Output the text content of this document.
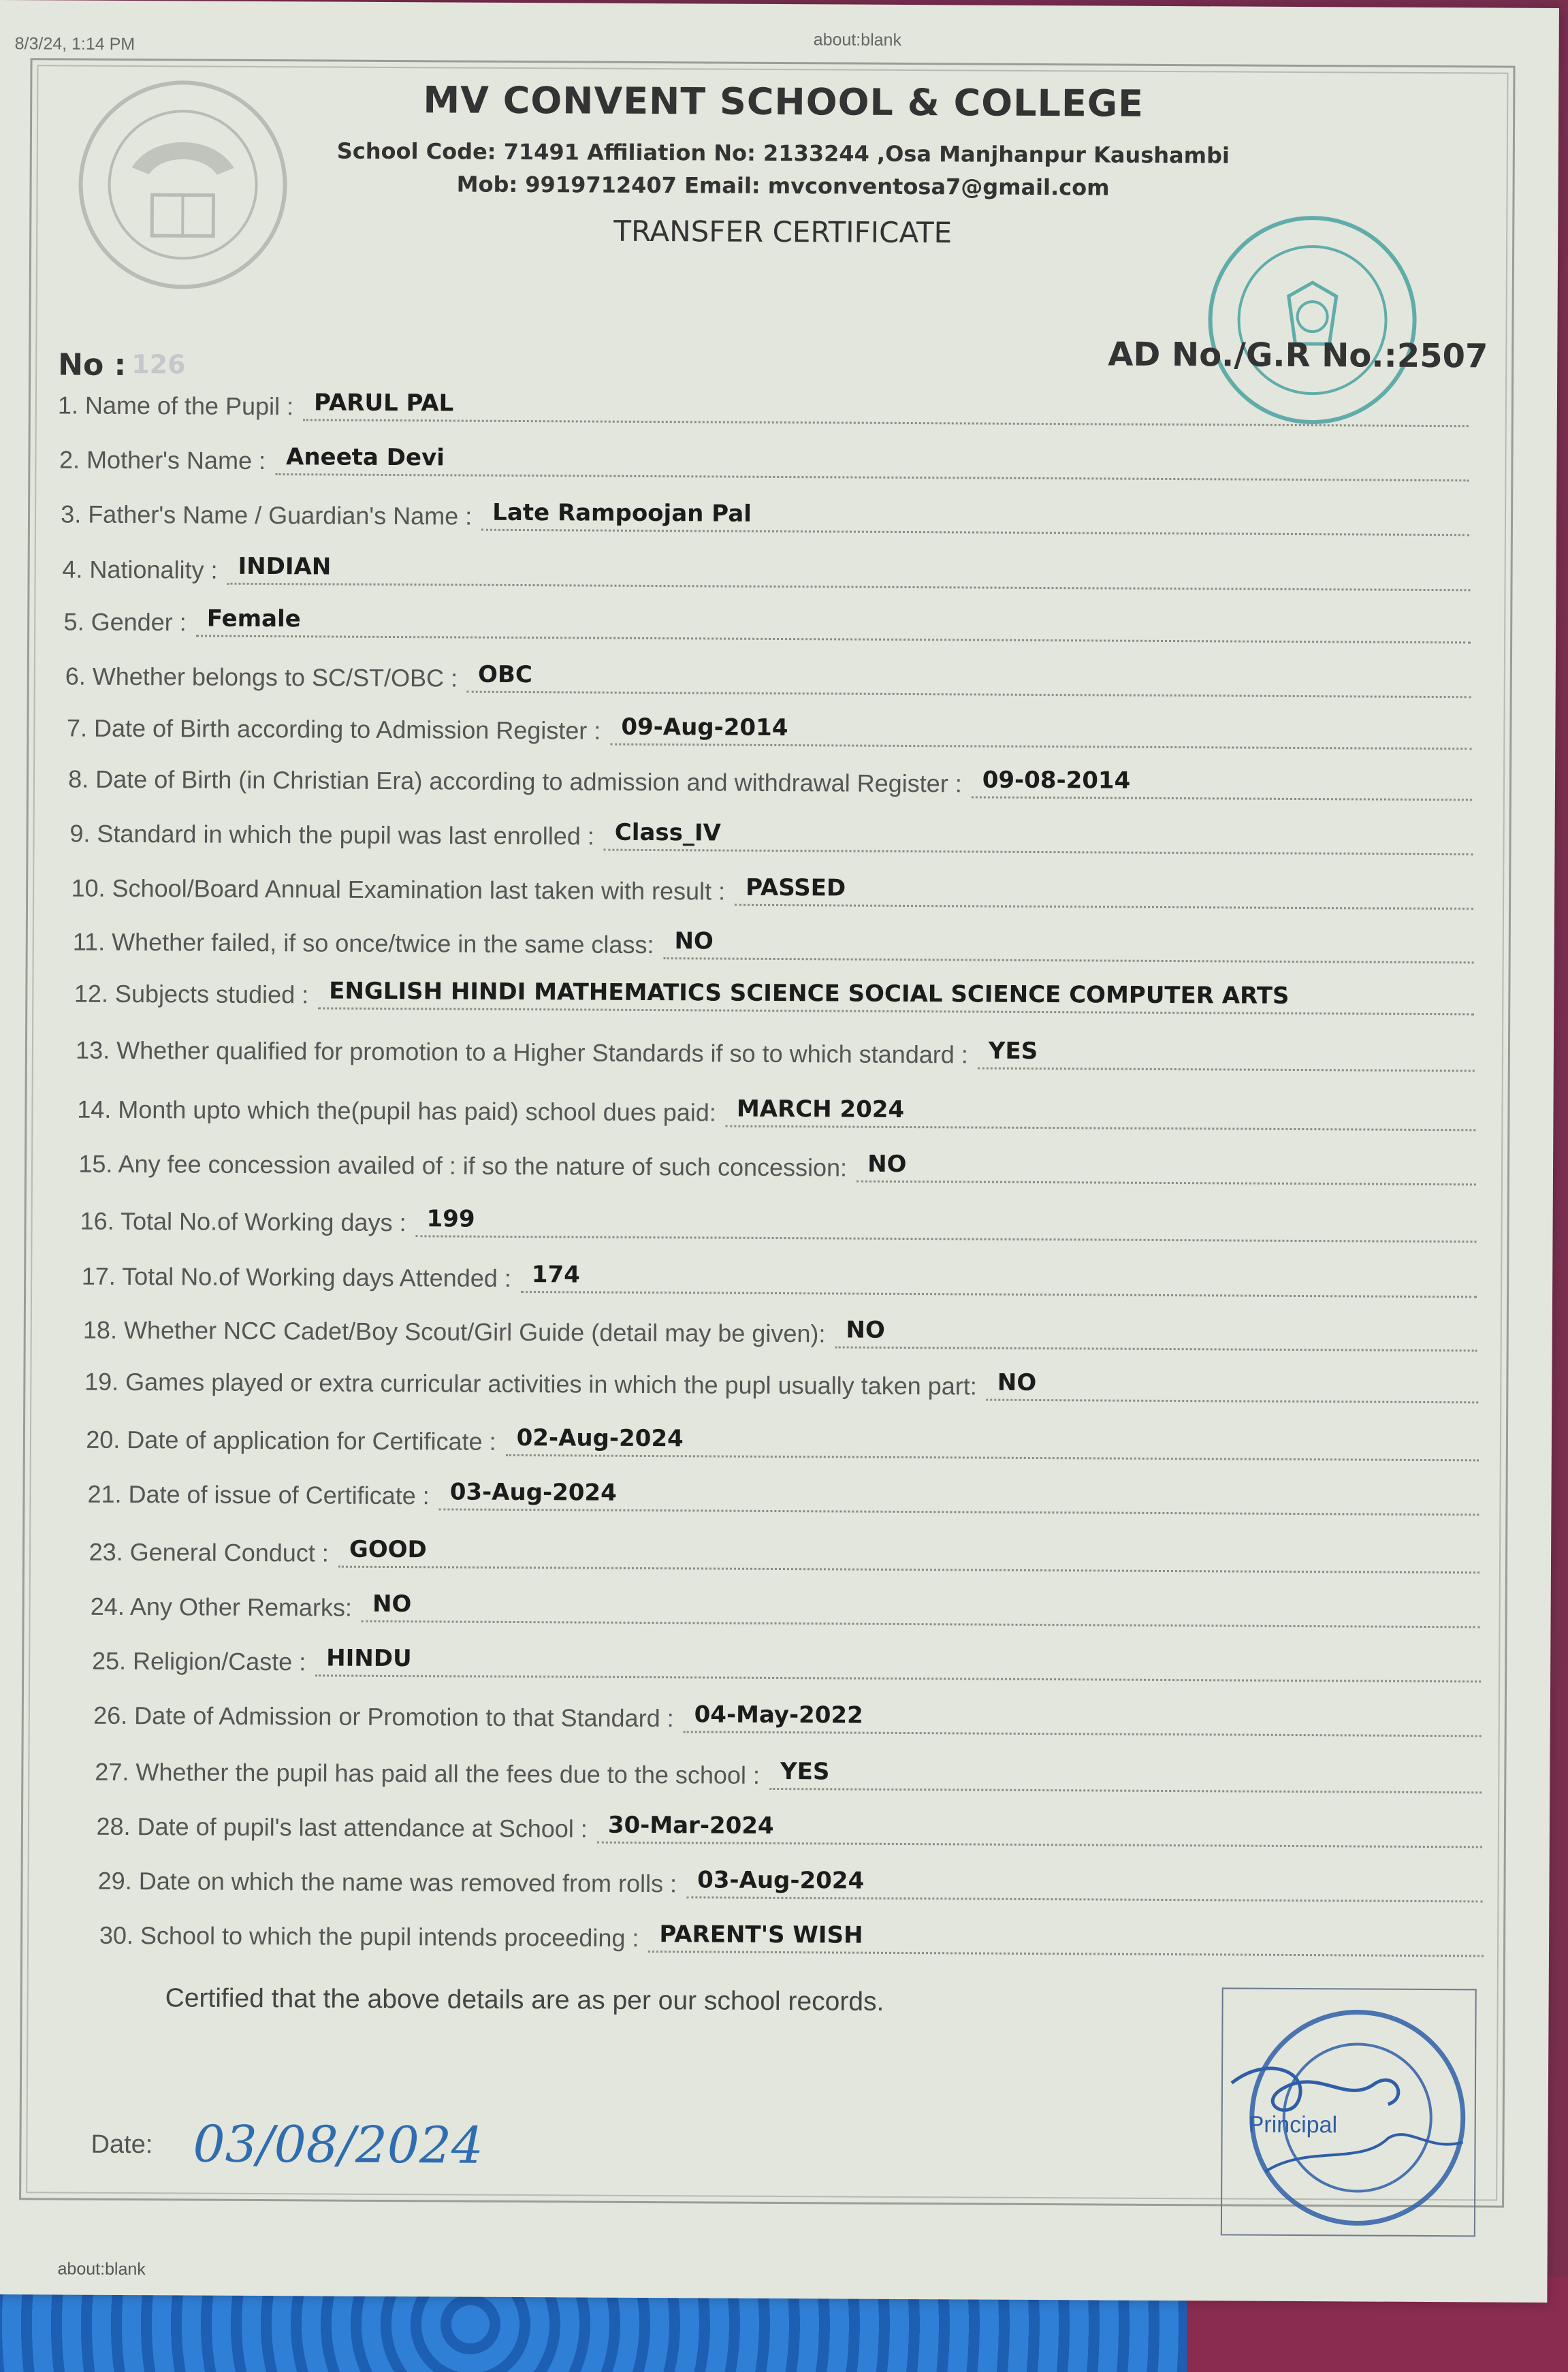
8/3/24, 1:14 PM	about:blank
MV CONVENT SCHOOL & COLLEGE
School Code: 71491 Affiliation No: 2133244 ,Osa Manjhanpur Kaushambi
Mob: 9919712407 Email: mvconventosa7@gmail.com
TRANSFER CERTIFICATE
No : 126	AD No./G.R No.:2507
1. Name of the Pupil : PARUL PAL
2. Mother's Name : Aneeta Devi
3. Father's Name / Guardian's Name : Late Rampoojan Pal
4. Nationality : INDIAN
5. Gender : Female
6. Whether belongs to SC/ST/OBC : OBC
7. Date of Birth according to Admission Register : 09-Aug-2014
8. Date of Birth (in Christian Era) according to admission and withdrawal Register : 09-08-2014
9. Standard in which the pupil was last enrolled : Class_IV
10. School/Board Annual Examination last taken with result : PASSED
11. Whether failed, if so once/twice in the same class: NO
12. Subjects studied : ENGLISH HINDI MATHEMATICS SCIENCE SOCIAL SCIENCE COMPUTER ARTS
13. Whether qualified for promotion to a Higher Standards if so to which standard : YES
14. Month upto which the(pupil has paid) school dues paid: MARCH 2024
15. Any fee concession availed of : if so the nature of such concession: NO
16. Total No.of Working days : 199
17. Total No.of Working days Attended : 174
18. Whether NCC Cadet/Boy Scout/Girl Guide (detail may be given): NO
19. Games played or extra curricular activities in which the pupl usually taken part: NO
20. Date of application for Certificate : 02-Aug-2024
21. Date of issue of Certificate : 03-Aug-2024
23. General Conduct : GOOD
24. Any Other Remarks: NO
25. Religion/Caste : HINDU
26. Date of Admission or Promotion to that Standard : 04-May-2022
27. Whether the pupil has paid all the fees due to the school : YES
28. Date of pupil's last attendance at School : 30-Mar-2024
29. Date on which the name was removed from rolls : 03-Aug-2024
30. School to which the pupil intends proceeding : PARENT'S WISH
Certified that the above details are as per our school records.
Date: 03/08/2024	Principal
about:blank
